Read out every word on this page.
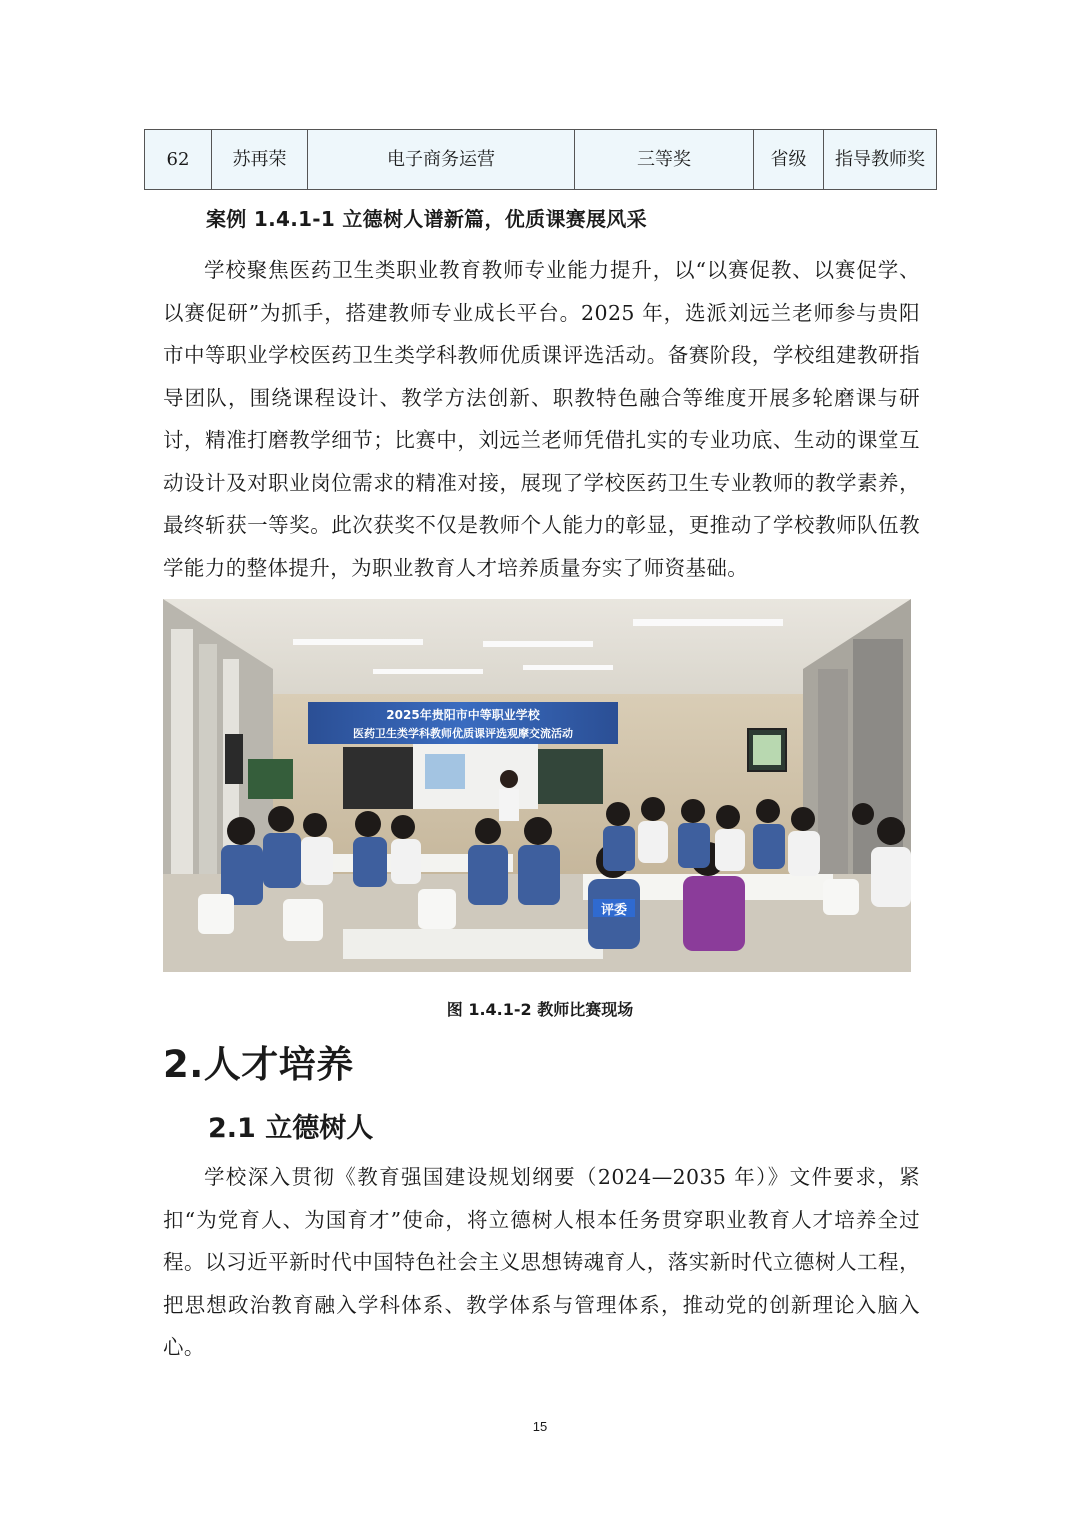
62	苏再荣	电子商务运营	三等奖	省级	指导教师奖
案例 1.4.1-1 立德树人谱新篇，优质课赛展风采

学校聚焦医药卫生类职业教育教师专业能力提升，以“以赛促教、以赛促学、以赛促研”为抓手，搭建教师专业成长平台。2025 年，选派刘远兰老师参与贵阳市中等职业学校医药卫生类学科教师优质课评选活动。备赛阶段，学校组建教研指导团队，围绕课程设计、教学方法创新、职教特色融合等维度开展多轮磨课与研讨，精准打磨教学细节；比赛中，刘远兰老师凭借扎实的专业功底、生动的课堂互动设计及对职业岗位需求的精准对接，展现了学校医药卫生专业教师的教学素养，最终斩获一等奖。此次获奖不仅是教师个人能力的彰显，更推动了学校教师队伍教学能力的整体提升，为职业教育人才培养质量夯实了师资基础。

2025年贵阳市中等职业学校
医药卫生类学科教师优质课评选观摩交流活动
评委
图 1.4.1-2 教师比赛现场
2.人才培养
2.1 立德树人

学校深入贯彻《教育强国建设规划纲要（2024—2035 年）》文件要求，紧扣“为党育人、为国育才”使命，将立德树人根本任务贯穿职业教育人才培养全过程。以习近平新时代中国特色社会主义思想铸魂育人，落实新时代立德树人工程，把思想政治教育融入学科体系、教学体系与管理体系，推动党的创新理论入脑入心。

15
